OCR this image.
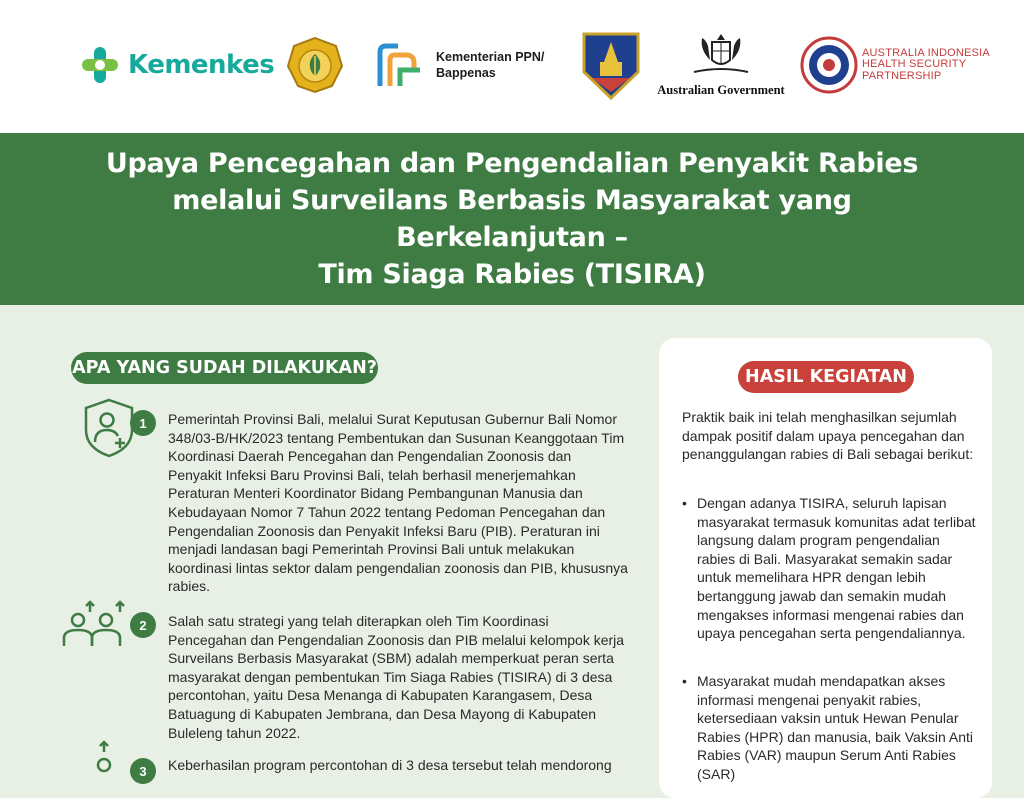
Kemenkes	Kementerian PPN/
Bappenas
Australian Government
AUSTRALIA INDONESIA
HEALTH SECURITY
PARTNERSHIP
Upaya Pencegahan dan Pengendalian Penyakit Rabies
melalui Surveilans Berbasis Masyarakat yang Berkelanjutan –
Tim Siaga Rabies (TISIRA)
APA YANG SUDAH DILAKUKAN?
1	Pemerintah Provinsi Bali, melalui Surat Keputusan Gubernur Bali Nomor 348/03-B/HK/2023 tentang Pembentukan dan Susunan Keanggotaan Tim Koordinasi Daerah Pencegahan dan Pengendalian Zoonosis dan Penyakit Infeksi Baru Provinsi Bali, telah berhasil menerjemahkan Peraturan Menteri Koordinator Bidang Pembangunan Manusia dan Kebudayaan Nomor 7 Tahun 2022 tentang Pedoman Pencegahan dan Pengendalian Zoonosis dan Penyakit Infeksi Baru (PIB). Peraturan ini menjadi landasan bagi Pemerintah Provinsi Bali untuk melakukan koordinasi lintas sektor dalam pengendalian zoonosis dan PIB, khususnya rabies.
2	Salah satu strategi yang telah diterapkan oleh Tim Koordinasi Pencegahan dan Pengendalian Zoonosis dan PIB melalui kelompok kerja Surveilans Berbasis Masyarakat (SBM) adalah memperkuat peran serta masyarakat dengan pembentukan Tim Siaga Rabies (TISIRA) di 3 desa percontohan, yaitu Desa Menanga di Kabupaten Karangasem, Desa Batuagung di Kabupaten Jembrana, dan Desa Mayong di Kabupaten Buleleng tahun 2022.
3	Keberhasilan program percontohan di 3 desa tersebut telah mendorong
Praktik baik ini telah menghasilkan sejumlah dampak positif dalam upaya pencegahan dan penanggulangan rabies di Bali sebagai berikut:
• Dengan adanya TISIRA, seluruh lapisan masyarakat termasuk komunitas adat terlibat langsung dalam program pengendalian rabies di Bali. Masyarakat semakin sadar untuk memelihara HPR dengan lebih bertanggung jawab dan semakin mudah mengakses informasi mengenai rabies dan upaya pencegahan serta pengendaliannya.
• Masyarakat mudah mendapatkan akses informasi mengenai penyakit rabies, ketersediaan vaksin untuk Hewan Penular Rabies (HPR) dan manusia, baik Vaksin Anti Rabies (VAR) maupun Serum Anti Rabies (SAR)
HASIL KEGIATAN
